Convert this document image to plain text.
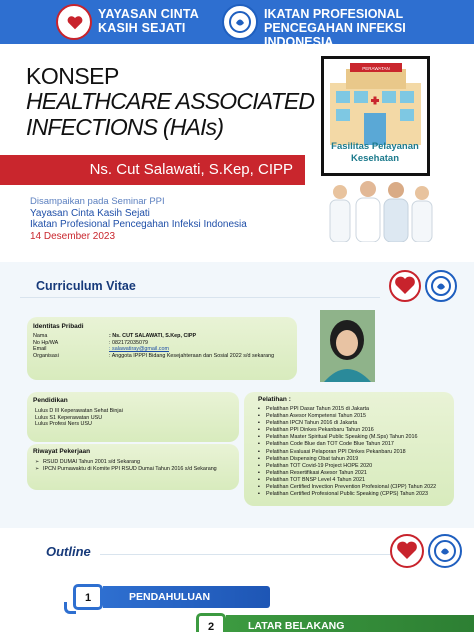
YAYASAN CINTA
KASIH SEJATI
IKATAN PROFESIONAL
PENCEGAHAN INFEKSI INDONESIA
KONSEP
HEALTHCARE ASSOCIATED
INFECTIONS (HAIs)
Ns. Cut Salawati, S.Kep, CIPP
Disampaikan pada Seminar PPI
Yayasan Cinta Kasih Sejati
Ikatan Profesional Pencegahan Infeksi Indonesia
14 Desember 2023
PERAWATAN
Fasilitas Pelayanan
Kesehatan
Curriculum Vitae
Identitas Pribadi
Nama
No Hp/WA
Email
Organisasi
: Ns. CUT SALAWATI, S.Kep, CIPP
: 082172035079
: salawatiray@gmail.com
: Anggota IPPPI Bidang Kesejahteraan dan Sosial 2022 s/d sekarang
Pendidikan
Lulus D III Keperawatan Sehat Binjai
Lulus S1 Keperawatan USU
Lulus Profesi Ners USU
Riwayat Pekerjaan
➢ RSUD DUMAI Tahun 2001 s/d Sekarang
➢ IPCN Purnawaktu di Komite PPI RSUD Dumai Tahun 2016 s/d Sekarang
Pelatihan :
▪ Pelatihan PPI Dasar Tahun 2015 di Jakarta
▪ Pelatihan Asesor Kompetensi Tahun 2015
▪ Pelatihan IPCN Tahun 2016 di Jakarta
▪ Pelatihan PPI Dinkes Pekanbaru Tahun 2016
▪ Pelatihan Master Spiritual Public Speaking (M.Sps) Tahun 2016
▪ Pelatihan Code Blue dan TOT Code Blue Tahun 2017
▪ Pelatihan Evaluasi Pelaporan PPI Dinkes Pekanbaru 2018
▪ Pelatihan Dispensing Obat tahun 2019
▪ Pelatihan TOT Covid-19 Project HOPE 2020
▪ Pelatihan Resertifikasi Asesor Tahun 2021
▪ Pelatihan TOT BNSP Level 4 Tahun 2021
▪ Pelatihan Certified Invection Prevention Profesional (CIPP) Tahun 2022
▪ Pelatihan Certified Profesional Public Speaking (CPPS) Tahun 2023
Outline
PENDAHULUAN
1
LATAR BELAKANG
2
